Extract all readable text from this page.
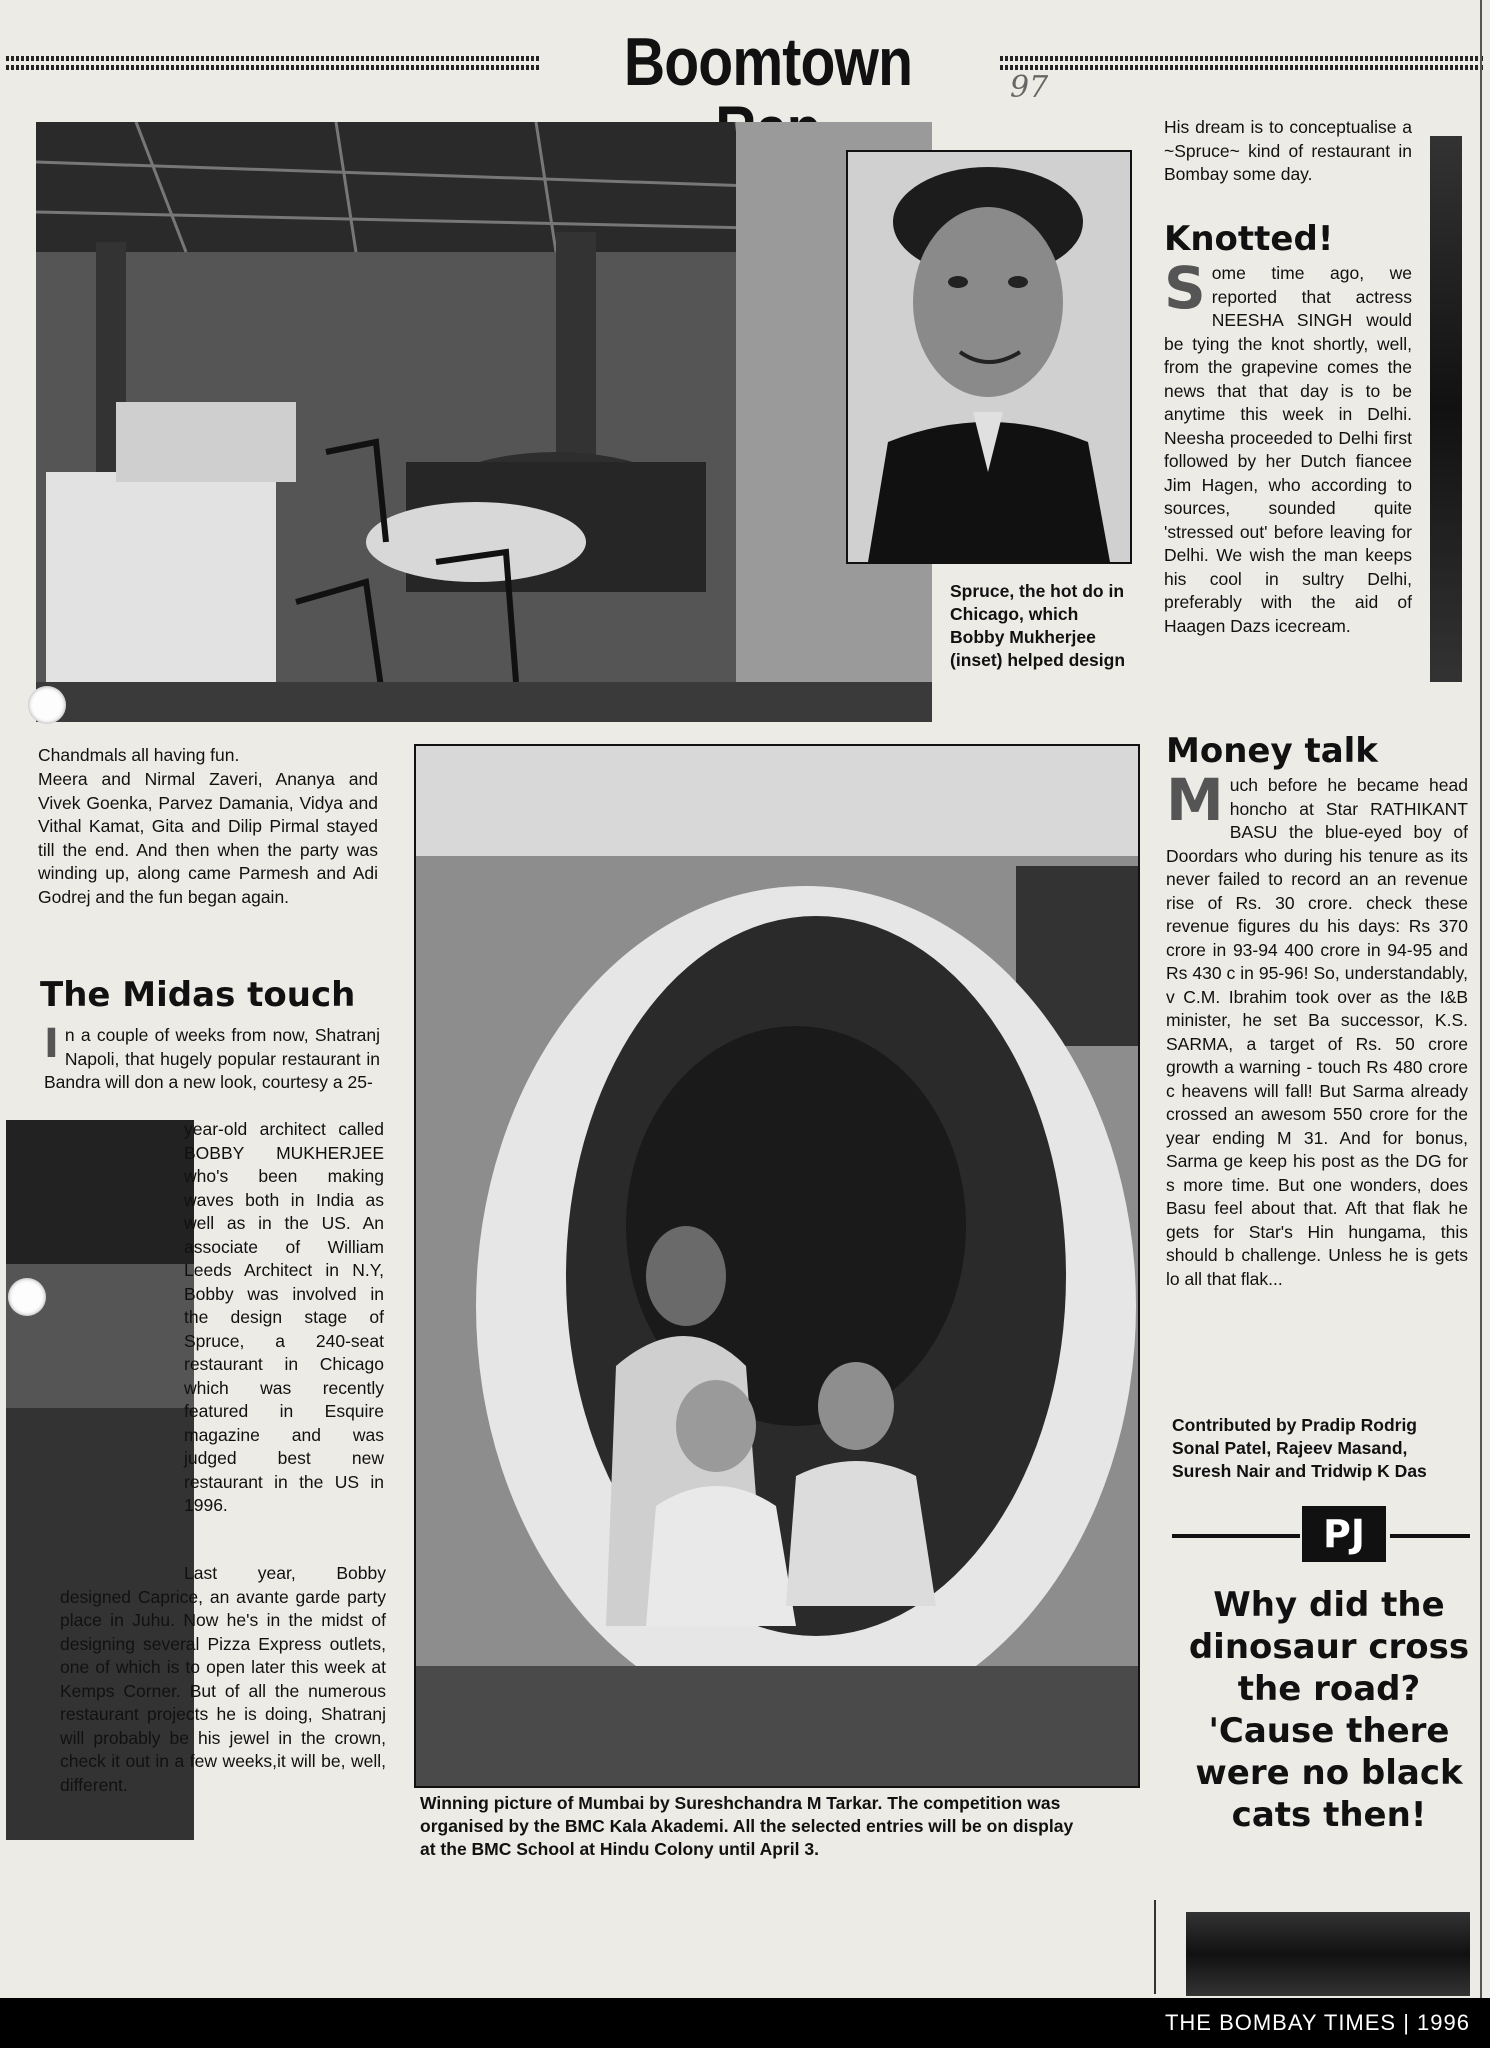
Boomtown	97
Spruce, the hot do in Chicago, which Bobby Mukherjee (inset) helped design
His dream is to conceptualise a ~Spruce~ kind of restaurant in Bombay some day.
Knotted!
Some time ago, we reported that actress NEESHA SINGH would be tying the knot shortly, well, from the grapevine comes the news that that day is to be anytime this week in Delhi. Neesha proceeded to Delhi first followed by her Dutch fiancee Jim Hagen, who according to sources, sounded quite 'stressed out' before leaving for Delhi. We wish the man keeps his cool in sultry Delhi, preferably with the aid of Haagen Dazs icecream.
Money talk
Much before he became head honcho at Star RATHIKANT BASU the blue-eyed boy of Doordars who during his tenure as its never failed to record an an revenue rise of Rs. 30 crore. check these revenue figures du his days: Rs 370 crore in 93-94 400 crore in 94-95 and Rs 430 c in 95-96! So, understandably, v C.M. Ibrahim took over as the I&B minister, he set Ba successor, K.S. SARMA, a target of Rs. 50 crore growth a warning - touch Rs 480 crore c heavens will fall! But Sarma already crossed an awesom 550 crore for the year ending M 31. And for bonus, Sarma ge keep his post as the DG for s more time. But one wonders, does Basu feel about that. Aft that flak he gets for Star's Hin hungama, this should b challenge. Unless he is gets lo all that flak...
Contributed by Pradip Rodrig Sonal Patel, Rajeev Masand, Suresh Nair and Tridwip K Das
PJ
Why did the dinosaur cross the road? 'Cause there were no black cats then!
Chandmals all having fun.
Meera and Nirmal Zaveri, Ananya and Vivek Goenka, Parvez Damania, Vidya and Vithal Kamat, Gita and Dilip Pirmal stayed till the end. And then when the party was winding up, along came Parmesh and Adi Godrej and the fun began again.
The Midas touch
In a couple of weeks from now, Shatranj Napoli, that hugely popular restaurant in Bandra will don a new look, courtesy a 25-
year-old architect called BOBBY MUKHERJEE who's been making waves both in India as well as in the US. An associate of William Leeds Architect in N.Y, Bobby was involved in the design stage of Spruce, a 240-seat restaurant in Chicago which was recently featured in Esquire magazine and was judged best new restaurant in the US in 1996.
Last year, Bobby designed Caprice, an avante garde party place in Juhu. Now he's in the midst of designing several Pizza Express outlets, one of which is to open later this week at Kemps Corner. But of all the numerous restaurant projects he is doing, Shatranj will probably be his jewel in the crown, check it out in a few weeks,it will be, well, different.
Winning picture of Mumbai by Sureshchandra M Tarkar. The competition was organised by the BMC Kala Akademi. All the selected entries will be on display at the BMC School at Hindu Colony until April 3.
THE BOMBAY TIMES | 1996
